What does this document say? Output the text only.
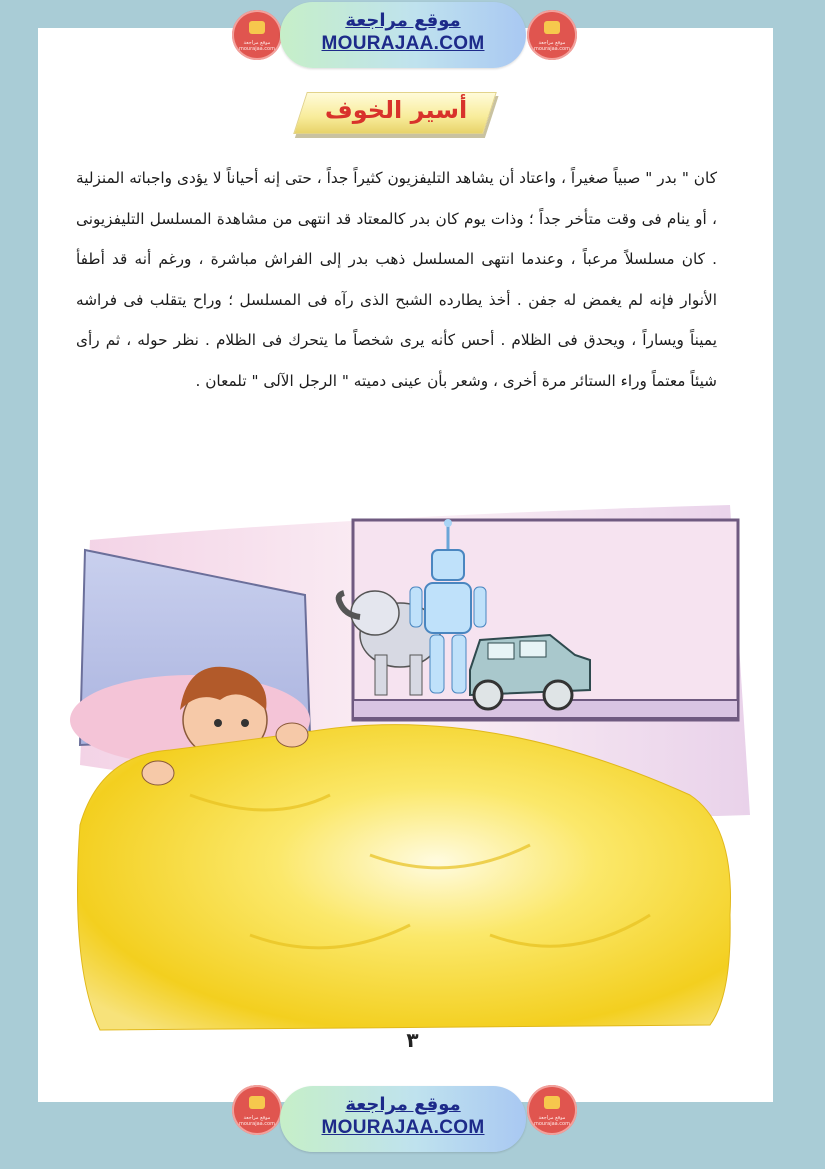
موقع مراجعة mourajaa.com
موقع مراجعة
MOURAJAA.COM	موقع مراجعة mourajaa.com
أسير الخوف

كان " بدر " صبياً صغيراً ، واعتاد أن يشاهد التليفزيون كثيراً جداً ، حتى إنه أحياناً لا يؤدى واجباته المنزلية ، أو ينام فى وقت متأخر جداً ؛ وذات يوم كان بدر كالمعتاد قد انتهى من مشاهدة المسلسل التليفزيونى . كان مسلسلاً مرعباً ، وعندما انتهى المسلسل ذهب بدر إلى الفراش مباشرة ، ورغم أنه قد أطفأ الأنوار فإنه لم يغمض له جفن . أخذ يطارده الشبح الذى رآه فى المسلسل ؛ وراح يتقلب فى فراشه يميناً ويساراً ، ويحدق فى الظلام . أحس كأنه يرى شخصاً ما يتحرك فى الظلام . نظر حوله ، ثم رأى شيئاً معتماً وراء الستائر مرة أخرى ، وشعر بأن عينى دميته " الرجل الآلى " تلمعان .

٣
موقع مراجعة mourajaa.com
موقع مراجعة
MOURAJAA.COM	موقع مراجعة mourajaa.com
